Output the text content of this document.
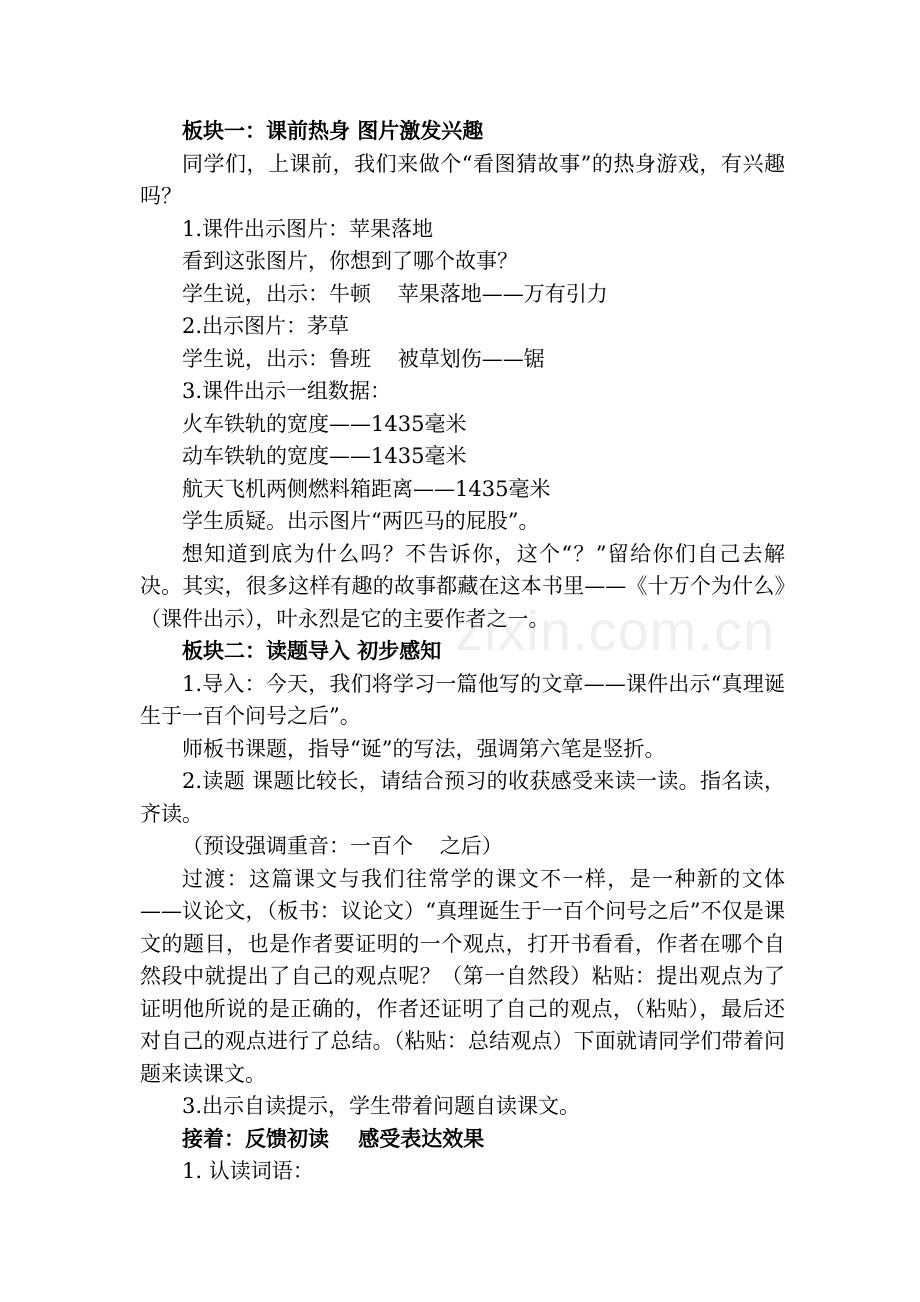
板块一：课前热身 图片激发兴趣

同学们，上课前，我们来做个“看图猜故事”的热身游戏，有兴趣吗？

1.课件出示图片：苹果落地

看到这张图片，你想到了哪个故事？

学生说，出示：牛顿    苹果落地——万有引力

2.出示图片：茅草

学生说，出示：鲁班    被草划伤——锯

3.课件出示一组数据：

火车铁轨的宽度——1435毫米

动车铁轨的宽度——1435毫米

航天飞机两侧燃料箱距离——1435毫米

学生质疑。出示图片“两匹马的屁股”。

想知道到底为什么吗？不告诉你，这个“？”留给你们自己去解决。其实，很多这样有趣的故事都藏在这本书里——《十万个为什么》（课件出示），叶永烈是它的主要作者之一。

板块二：读题导入 初步感知

1.导入：今天，我们将学习一篇他写的文章——课件出示“真理诞生于一百个问号之后”。

师板书课题，指导“诞”的写法，强调第六笔是竖折。

2.读题 课题比较长，请结合预习的收获感受来读一读。指名读，齐读。

（预设强调重音：一百个    之后）

过渡：这篇课文与我们往常学的课文不一样，是一种新的文体——议论文，（板书：议论文）“真理诞生于一百个问号之后”不仅是课文的题目，也是作者要证明的一个观点，打开书看看，作者在哪个自然段中就提出了自己的观点呢？（第一自然段）粘贴：提出观点为了证明他所说的是正确的，作者还证明了自己的观点，（粘贴），最后还对自己的观点进行了总结。（粘贴：总结观点）下面就请同学们带着问题来读课文。

3.出示自读提示，学生带着问题自读课文。

接着：反馈初读    感受表达效果

1. 认读词语：

zixin.com.cn
